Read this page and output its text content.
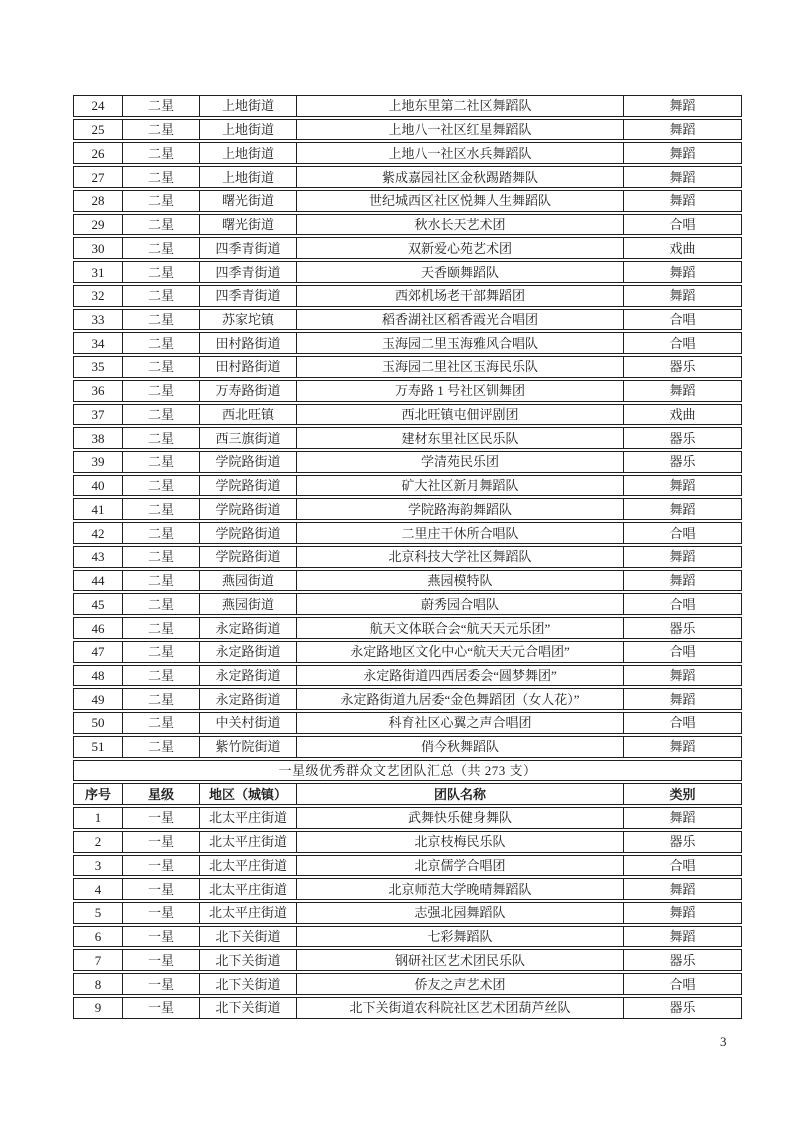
24	二星	上地街道	上地东里第二社区舞蹈队	舞蹈
25	二星	上地街道	上地八一社区红星舞蹈队	舞蹈
26	二星	上地街道	上地八一社区水兵舞蹈队	舞蹈
27	二星	上地街道	紫成嘉园社区金秋踢踏舞队	舞蹈
28	二星	曙光街道	世纪城西区社区悦舞人生舞蹈队	舞蹈
29	二星	曙光街道	秋水长天艺术团	合唱
30	二星	四季青街道	双新爱心苑艺术团	戏曲
31	二星	四季青街道	天香颐舞蹈队	舞蹈
32	二星	四季青街道	西郊机场老干部舞蹈团	舞蹈
33	二星	苏家坨镇	稻香湖社区稻香霞光合唱团	合唱
34	二星	田村路街道	玉海园二里玉海雅风合唱队	合唱
35	二星	田村路街道	玉海园二里社区玉海民乐队	器乐
36	二星	万寿路街道	万寿路 1 号社区钏舞团	舞蹈
37	二星	西北旺镇	西北旺镇屯佃评剧团	戏曲
38	二星	西三旗街道	建材东里社区民乐队	器乐
39	二星	学院路街道	学清苑民乐团	器乐
40	二星	学院路街道	矿大社区新月舞蹈队	舞蹈
41	二星	学院路街道	学院路海韵舞蹈队	舞蹈
42	二星	学院路街道	二里庄干休所合唱队	合唱
43	二星	学院路街道	北京科技大学社区舞蹈队	舞蹈
44	二星	燕园街道	燕园模特队	舞蹈
45	二星	燕园街道	蔚秀园合唱队	合唱
46	二星	永定路街道	航天文体联合会“航天天元乐团”	器乐
47	二星	永定路街道	永定路地区文化中心“航天天元合唱团”	合唱
48	二星	永定路街道	永定路街道四西居委会“圆梦舞团”	舞蹈
49	二星	永定路街道	永定路街道九居委“金色舞蹈团（女人花）”	舞蹈
50	二星	中关村街道	科育社区心翼之声合唱团	合唱
51	二星	紫竹院街道	俏今秋舞蹈队	舞蹈
一星级优秀群众文艺团队汇总（共 273 支）				
序号	星级	地区（城镇）	团队名称	类别
1	一星	北太平庄街道	武舞快乐健身舞队	舞蹈
2	一星	北太平庄街道	北京枝梅民乐队	器乐
3	一星	北太平庄街道	北京儒学合唱团	合唱
4	一星	北太平庄街道	北京师范大学晚晴舞蹈队	舞蹈
5	一星	北太平庄街道	志强北园舞蹈队	舞蹈
6	一星	北下关街道	七彩舞蹈队	舞蹈
7	一星	北下关街道	钢研社区艺术团民乐队	器乐
8	一星	北下关街道	侨友之声艺术团	合唱
9	一星	北下关街道	北下关街道农科院社区艺术团葫芦丝队	器乐
3
